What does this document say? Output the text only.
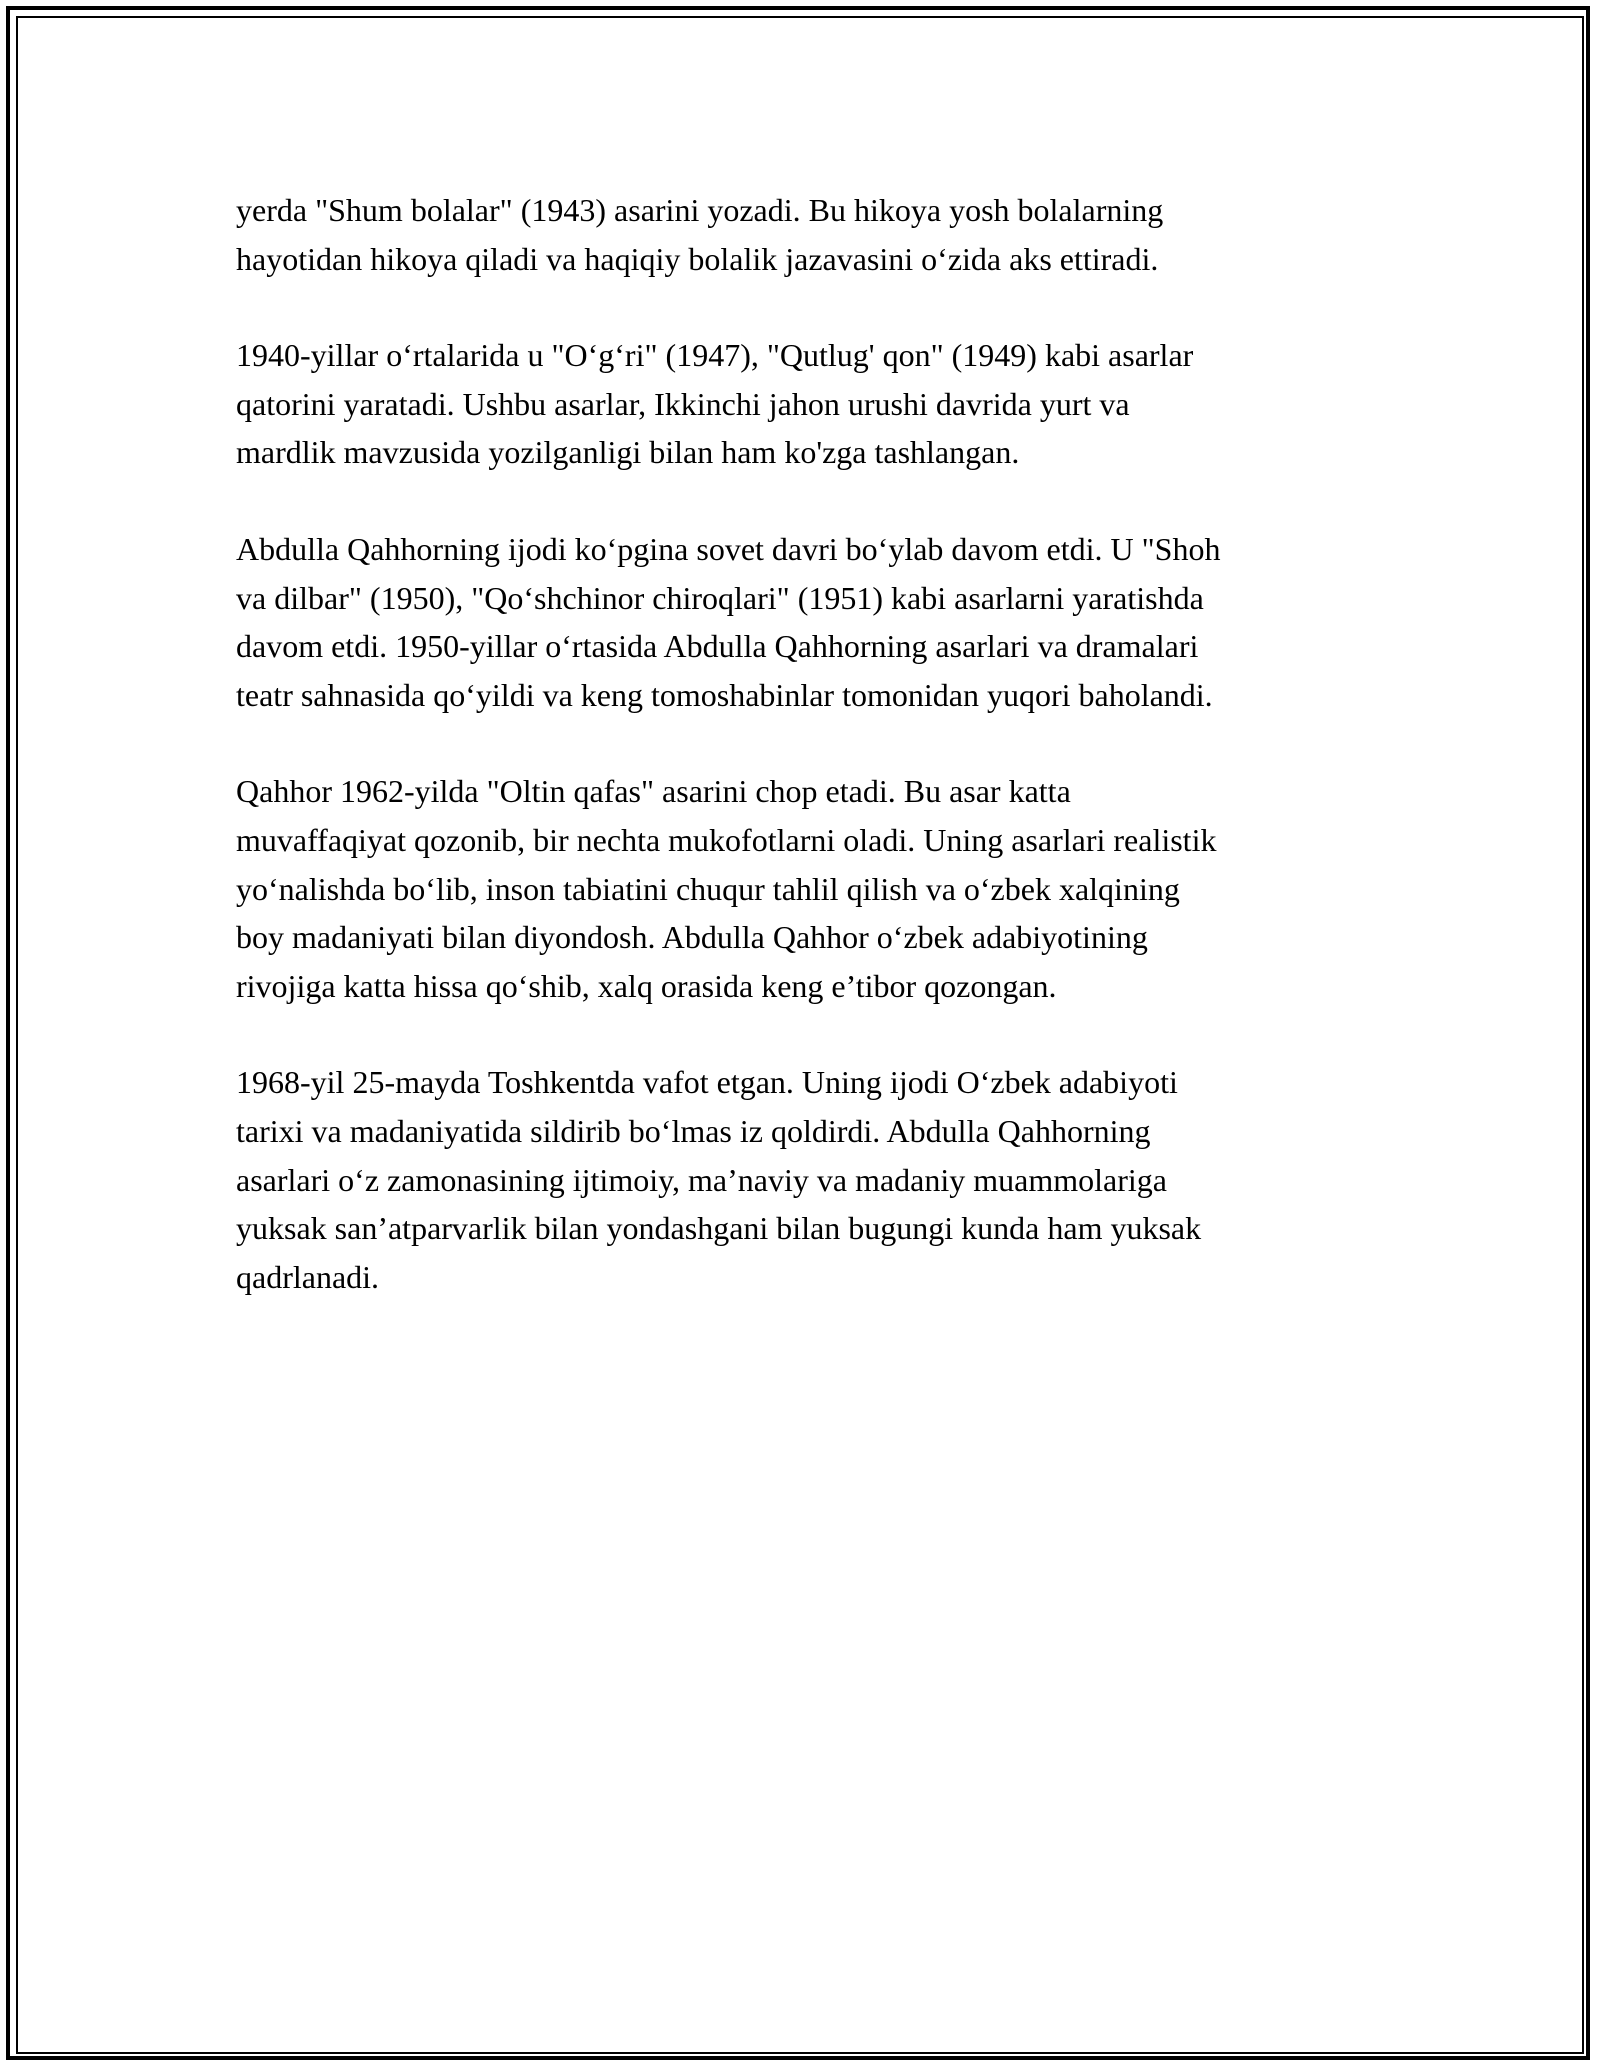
yerda "Shum bolalar" (1943) asarini yozadi. Bu hikoya yosh bolalarning
hayotidan hikoya qiladi va haqiqiy bolalik jazavasini o‘zida aks ettiradi.

1940-yillar o‘rtalarida u "O‘g‘ri" (1947), "Qutlug' qon" (1949) kabi asarlar
qatorini yaratadi. Ushbu asarlar, Ikkinchi jahon urushi davrida yurt va
mardlik mavzusida yozilganligi bilan ham ko'zga tashlangan.

Abdulla Qahhorning ijodi ko‘pgina sovet davri bo‘ylab davom etdi. U "Shoh
va dilbar" (1950), "Qo‘shchinor chiroqlari" (1951) kabi asarlarni yaratishda
davom etdi. 1950-yillar o‘rtasida Abdulla Qahhorning asarlari va dramalari
teatr sahnasida qo‘yildi va keng tomoshabinlar tomonidan yuqori baholandi.

Qahhor 1962-yilda "Oltin qafas" asarini chop etadi. Bu asar katta
muvaffaqiyat qozonib, bir nechta mukofotlarni oladi. Uning asarlari realistik
yo‘nalishda bo‘lib, inson tabiatini chuqur tahlil qilish va o‘zbek xalqining
boy madaniyati bilan diyondosh. Abdulla Qahhor o‘zbek adabiyotining
rivojiga katta hissa qo‘shib, xalq orasida keng e’tibor qozongan.

1968-yil 25-mayda Toshkentda vafot etgan. Uning ijodi O‘zbek adabiyoti
tarixi va madaniyatida sildirib bo‘lmas iz qoldirdi. Abdulla Qahhorning
asarlari o‘z zamonasining ijtimoiy, ma’naviy va madaniy muammolariga
yuksak san’atparvarlik bilan yondashgani bilan bugungi kunda ham yuksak
qadrlanadi.
